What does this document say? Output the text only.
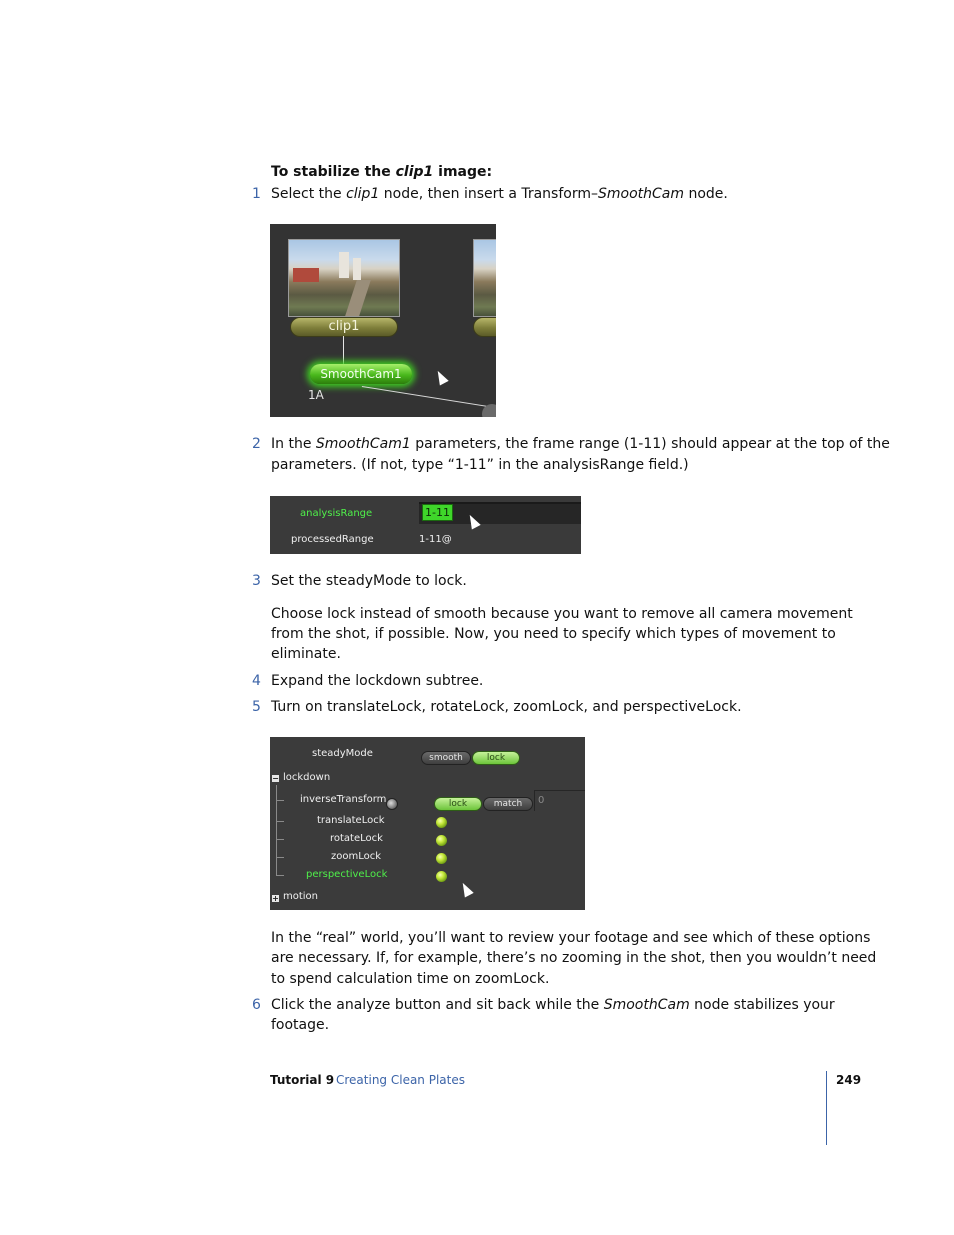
To stabilize the clip1 image:
1 Select the clip1 node, then insert a Transform–SmoothCam node.
clip1
SmoothCam1
1A
2 In the SmoothCam1 parameters, the frame range (1-11) should appear at the top of the
parameters. (If not, type “1-11” in the analysisRange field.)
analysisRange	1-11
processedRange	1-11@
3 Set the steadyMode to lock.
Choose lock instead of smooth because you want to remove all camera movement
from the shot, if possible. Now, you need to specify which types of movement to
eliminate.
4 Expand the lockdown subtree.
5 Turn on translateLock, rotateLock, zoomLock, and perspectiveLock.
steadyMode	smooth	lock
− lockdown
inverseTransform	lock	match	0
translateLock
rotateLock
zoomLock
perspectiveLock
+ motion
In the “real” world, you’ll want to review your footage and see which of these options
are necessary. If, for example, there’s no zooming in the shot, then you wouldn’t need
to spend calculation time on zoomLock.
6 Click the analyze button and sit back while the SmoothCam node stabilizes your
footage.
Tutorial 9 Creating Clean Plates	249
